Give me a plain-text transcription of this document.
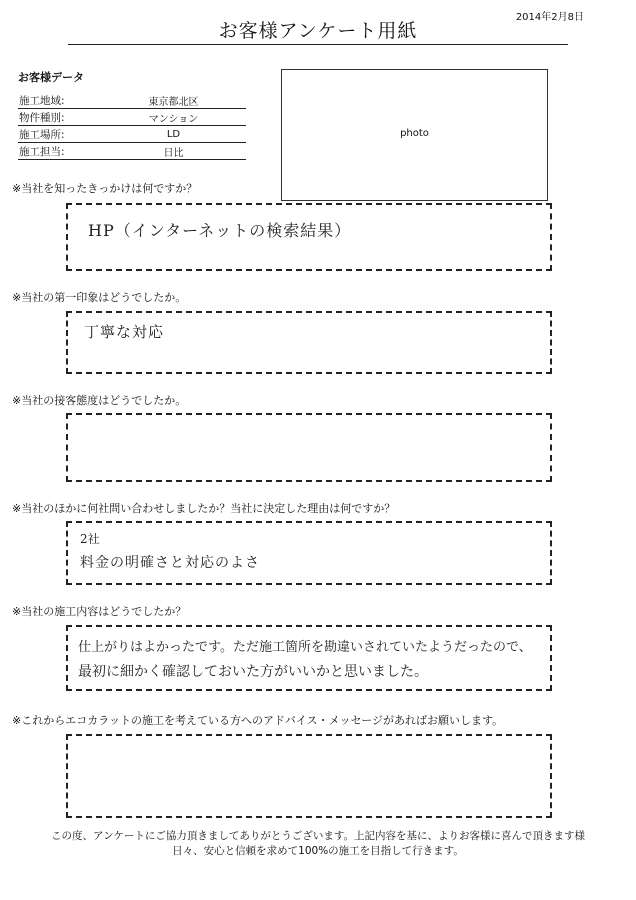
2014年2月8日
お客様アンケート用紙
お客様データ
施工地域:	東京都北区
物件種別:	マンション
施工場所:	LD
施工担当:	日比
photo
※当社を知ったきっかけは何ですか？
HP（インターネットの検索結果）
※当社の第一印象はどうでしたか。
丁寧な対応
※当社の接客態度はどうでしたか。
※当社のほかに何社問い合わせしましたか？当社に決定した理由は何ですか？
2社
料金の明確さと対応のよさ
※当社の施工内容はどうでしたか？
仕上がりはよかったです。ただ施工箇所を勘違いされていたようだったので、
最初に細かく確認しておいた方がいいかと思いました。
※これからエコカラットの施工を考えている方へのアドバイス・メッセージがあればお願いします。
この度、アンケートにご協力頂きましてありがとうございます。上記内容を基に、よりお客様に喜んで頂きます様
日々、安心と信頼を求めて100%の施工を目指して行きます。
